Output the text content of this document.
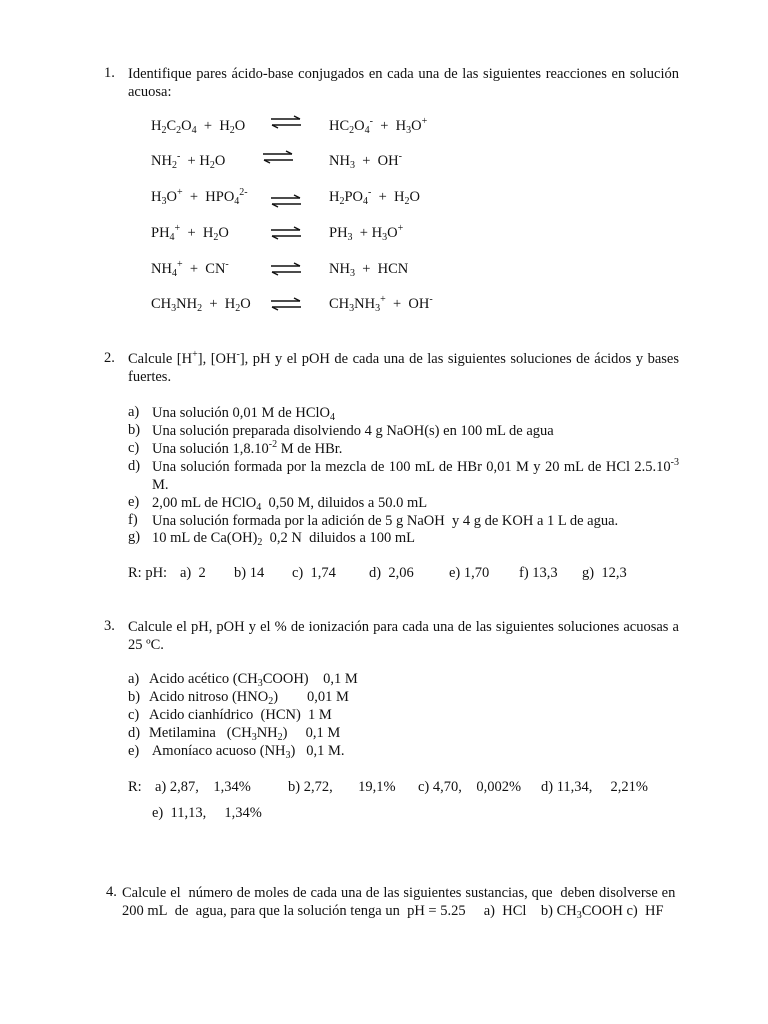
1. Identifique pares ácido-base conjugados en cada una de las siguientes reacciones en solución acuosa:

$H_2C_2O_4 + H_2O$	$HC_2O_4^- + H_3O^+$
$NH_2^- + H_2O$	$NH_3 + OH^-$
$H_3O^+ + HPO_4^{2-}$	$H_2PO_4^- + H_2O$
$PH_4^+ + H_2O$	$PH_3 + H_3O^+$
$NH_4^+ + CN^-$	$NH_3$  +  HCN
$CH_3NH_2 + H_2O$ ⇌ $CH_3NH_3^+ + OH^-$
2. Calcule [H+], [OH-], pH y el pOH de cada una de las siguientes soluciones de ácidos y bases fuertes.

a) Una solución 0,01 M de HClO$_4$

b) Una solución preparada disolviendo 4 g NaOH(s) en 100 mL de agua

c) Una solución $1,8.10^{-2}$ M de HBr.

d) Una solución formada por la mezcla de 100 mL de HBr 0,01 M y 20 mL de HCl $2.5.10^{-3}$ M.

e) 2,00 mL de HClO$_4$  0,50 M, diluidos a 50.0 mL

f) Una solución formada por la adición de 5 g NaOH  y 4 g de KOH a 1 L de agua.

g) 10 mL de $Ca(OH)_2$  0,2 N  diluidos a 100 mL

R: pH: a)  2 b) 14 c)  1,74 d)  2,06 e) 1,70 f) 13,3 g)  12,3
3. Calcule el pH, pOH y el % de ionización para cada una de las siguientes soluciones acuosas a 25 ºC.

a) Acido acético $(CH_3COOH)$    0,1 M
b) Acido nitroso $(HNO_2)$        0,01 M
c) Acido cianhídrico  (HCN)  1 M
d) Metilamina   $(CH_3NH_2)$     0,1 M
e) Amoníaco acuoso $(NH_3)$   0,1 M.
R: a) 2,87,    1,34%	b) 2,72,       19,1% c) 4,70,    0,002% d) 11,34,     2,21%
e)  11,13,     1,34%
4. Calcule el  número de moles de cada una de las siguientes sustancias, que  deben disolverse en  200 mL  de  agua, para que la solución tenga un  pH = 5.25     a)  HCl    b) $CH_3COOH$ c)  HF
